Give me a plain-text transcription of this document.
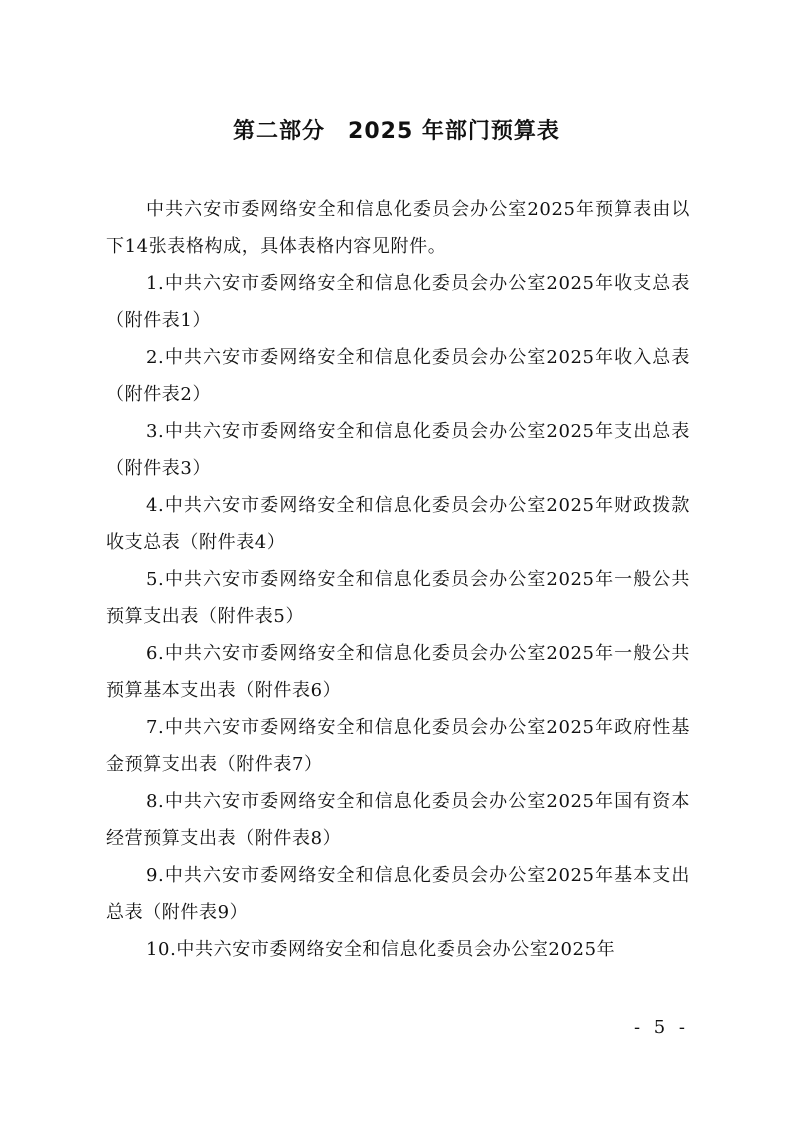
第二部分　2025 年部门预算表

中共六安市委网络安全和信息化委员会办公室2025年预算表由以下14张表格构成，具体表格内容见附件。

1.中共六安市委网络安全和信息化委员会办公室2025年收支总表（附件表1）

2.中共六安市委网络安全和信息化委员会办公室2025年收入总表（附件表2）

3.中共六安市委网络安全和信息化委员会办公室2025年支出总表（附件表3）

4.中共六安市委网络安全和信息化委员会办公室2025年财政拨款收支总表（附件表4）

5.中共六安市委网络安全和信息化委员会办公室2025年一般公共预算支出表（附件表5）

6.中共六安市委网络安全和信息化委员会办公室2025年一般公共预算基本支出表（附件表6）

7.中共六安市委网络安全和信息化委员会办公室2025年政府性基金预算支出表（附件表7）

8.中共六安市委网络安全和信息化委员会办公室2025年国有资本经营预算支出表（附件表8）

9.中共六安市委网络安全和信息化委员会办公室2025年基本支出总表（附件表9）

10.中共六安市委网络安全和信息化委员会办公室2025年

- 5 -
